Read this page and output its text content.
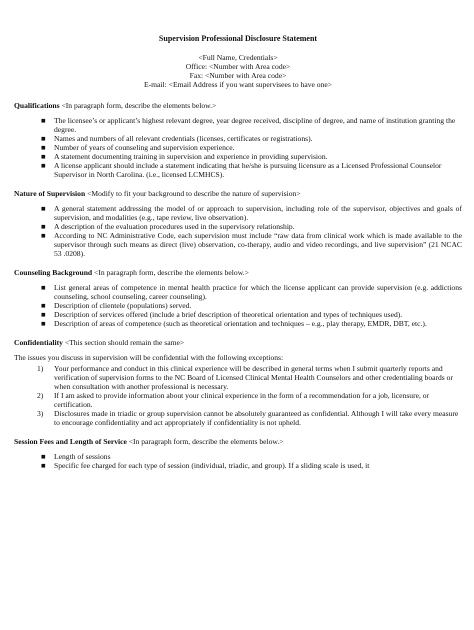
Supervision Professional Disclosure Statement
<Full Name, Credentials>
Office: <Number with Area code>
Fax: <Number with Area code>
E-mail: <Email Address if you want supervisees to have one>
Qualifications <In paragraph form, describe the elements below.>
■ The licensee’s or applicant’s highest relevant degree, year degree received, discipline of degree, and name of institution granting the degree.
■ Names and numbers of all relevant credentials (licenses, certificates or registrations).
■ Number of years of counseling and supervision experience.
■ A statement documenting training in supervision and experience in providing supervision.
■ A license applicant should include a statement indicating that he/she is pursuing licensure as a Licensed Professional Counselor Supervisor in North Carolina. (i.e., licensed LCMHCS).
Nature of Supervision <Modify to fit your background to describe the nature of supervision>
■ A general statement addressing the model of or approach to supervision, including role of the supervisor, objectives and goals of supervision, and modalities (e.g., tape review, live observation).
■ A description of the evaluation procedures used in the supervisory relationship.
■ According to NC Administrative Code, each supervision must include “raw data from clinical work which is made available to the supervisor through such means as direct (live) observation, co-therapy, audio and video recordings, and live supervision” (21 NCAC 53 .0208).
Counseling Background <In paragraph form, describe the elements below.>
■ List general areas of competence in mental health practice for which the license applicant can provide supervision (e.g. addictions counseling, school counseling, career counseling).
■ Description of clientele (populations) served.
■ Description of services offered (include a brief description of theoretical orientation and types of techniques used).
■ Description of areas of competence (such as theoretical orientation and techniques – e.g., play therapy, EMDR, DBT, etc.).
Confidentiality <This section should remain the same>
The issues you discuss in supervision will be confidential with the following exceptions:
1) Your performance and conduct in this clinical experience will be described in general terms when I submit quarterly reports and verification of supervision forms to the NC Board of Licensed Clinical Mental Health Counselors and other credentialing boards or when consultation with another professional is necessary.
2) If I am asked to provide information about your clinical experience in the form of a recommendation for a job, licensure, or certification.
3) Disclosures made in triadic or group supervision cannot be absolutely guaranteed as confidential. Although I will take every measure to encourage confidentiality and act appropriately if confidentiality is not upheld.
Session Fees and Length of Service <In paragraph form, describe the elements below.>
■ Length of sessions
■ Specific fee charged for each type of session (individual, triadic, and group). If a sliding scale is used, it
